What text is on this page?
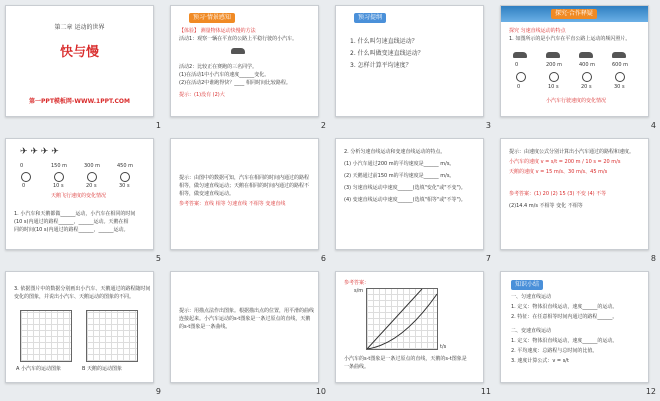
第二章 运动的世界
快与慢
第一PPT模板网-WWW.1PPT.COM
1
预习·情景感知
【体验】 测量物体运动快慢的方法
活动1：观察一辆在平直的公路上平稳行驶的小汽车。
活动2：比较正在赛跑的三名同学。
(1)在活动1中小汽车的速度______变化。
(2)在活动2中谁跑得快？____ 相同时间比较路程。
提示：(1)没有 (2)大
2
预习提纲
1. 什么叫匀速直线运动？
2. 什么叫做变速直线运动？
3. 怎样计算平均速度？
3
探究·合作释疑
探究 匀速直线运动的特点
1. 如图所示的是小汽车在平直公路上运动的频闪照片。
0	200 m	400 m	600 m
0	10 s	20 s	30 s
小汽车行驶速度的变化情况
4
✈ ✈ ✈ ✈
0	150 m	300 m	450 m
0	10 s	20 s	30 s
天鹅飞行速度的变化情况
1. 小汽车和天鹅都做______运动，小汽车在相同的时间
(10 s)内通过的路程______，______运动。天鹅在相
同的时间(10 s)内通过的路程______，______运动。
5
提示：由图中的数据可知，汽车在相同的时间内通过的路程
相等，做匀速直线运动；天鹅在相同的时间内通过的路程不
相等，做变速直线运动。
参考答案：直线 相等 匀速直线 不相等 变速直线
6
2. 分析匀速直线运动和变速直线运动的特点。
(1) 小汽车通过200 m的平均速度是______ m/s。
(2) 天鹅通过前150 m的平均速度是______ m/s。
(3) 匀速直线运动中速度______(选填"变化"或"不变")。
(4) 变速直线运动中速度______(选填"相等"或"不等")。
7
提示：由速度公式分别计算出小汽车通过的路程和速度。
小汽车的速度 v = s/t = 200 m / 10 s = 20 m/s
天鹅的速度 v = 15 m/s、30 m/s、45 m/s
参考答案：(1) 20 (2) 15 (3) 不变 (4) 不等
(2)14.4 m/s 不相等 变化 不相等
8
3. 依据图片中的数据分别画出小汽车、天鹅通过的路程随时间
变化的图象，并说出小汽车、天鹅运动的图象的不同。
A 小汽车的运动图象	B 天鹅的运动图象
9
提示：用描点法作出图象。根据描出点的位置，用平滑的曲线
连接起来。小汽车运动的s-t图象是一条过原点的直线，天鹅
的s-t图象是一条曲线。
10
参考答案：
t/s
s/m
小汽车的s-t图象是一条过原点的直线，天鹅的s-t图象是
一条曲线。
11
知识小结
一、匀速直线运动
1. 定义：物体沿直线运动，速度______的运动。
2. 特征：在任意相等时间内通过的路程______。
二、变速直线运动
1. 定义：物体沿直线运动，速度______的运动。
2. 平均速度：总路程与总时间的比值。
3. 速度计算公式：v = s/t
12
